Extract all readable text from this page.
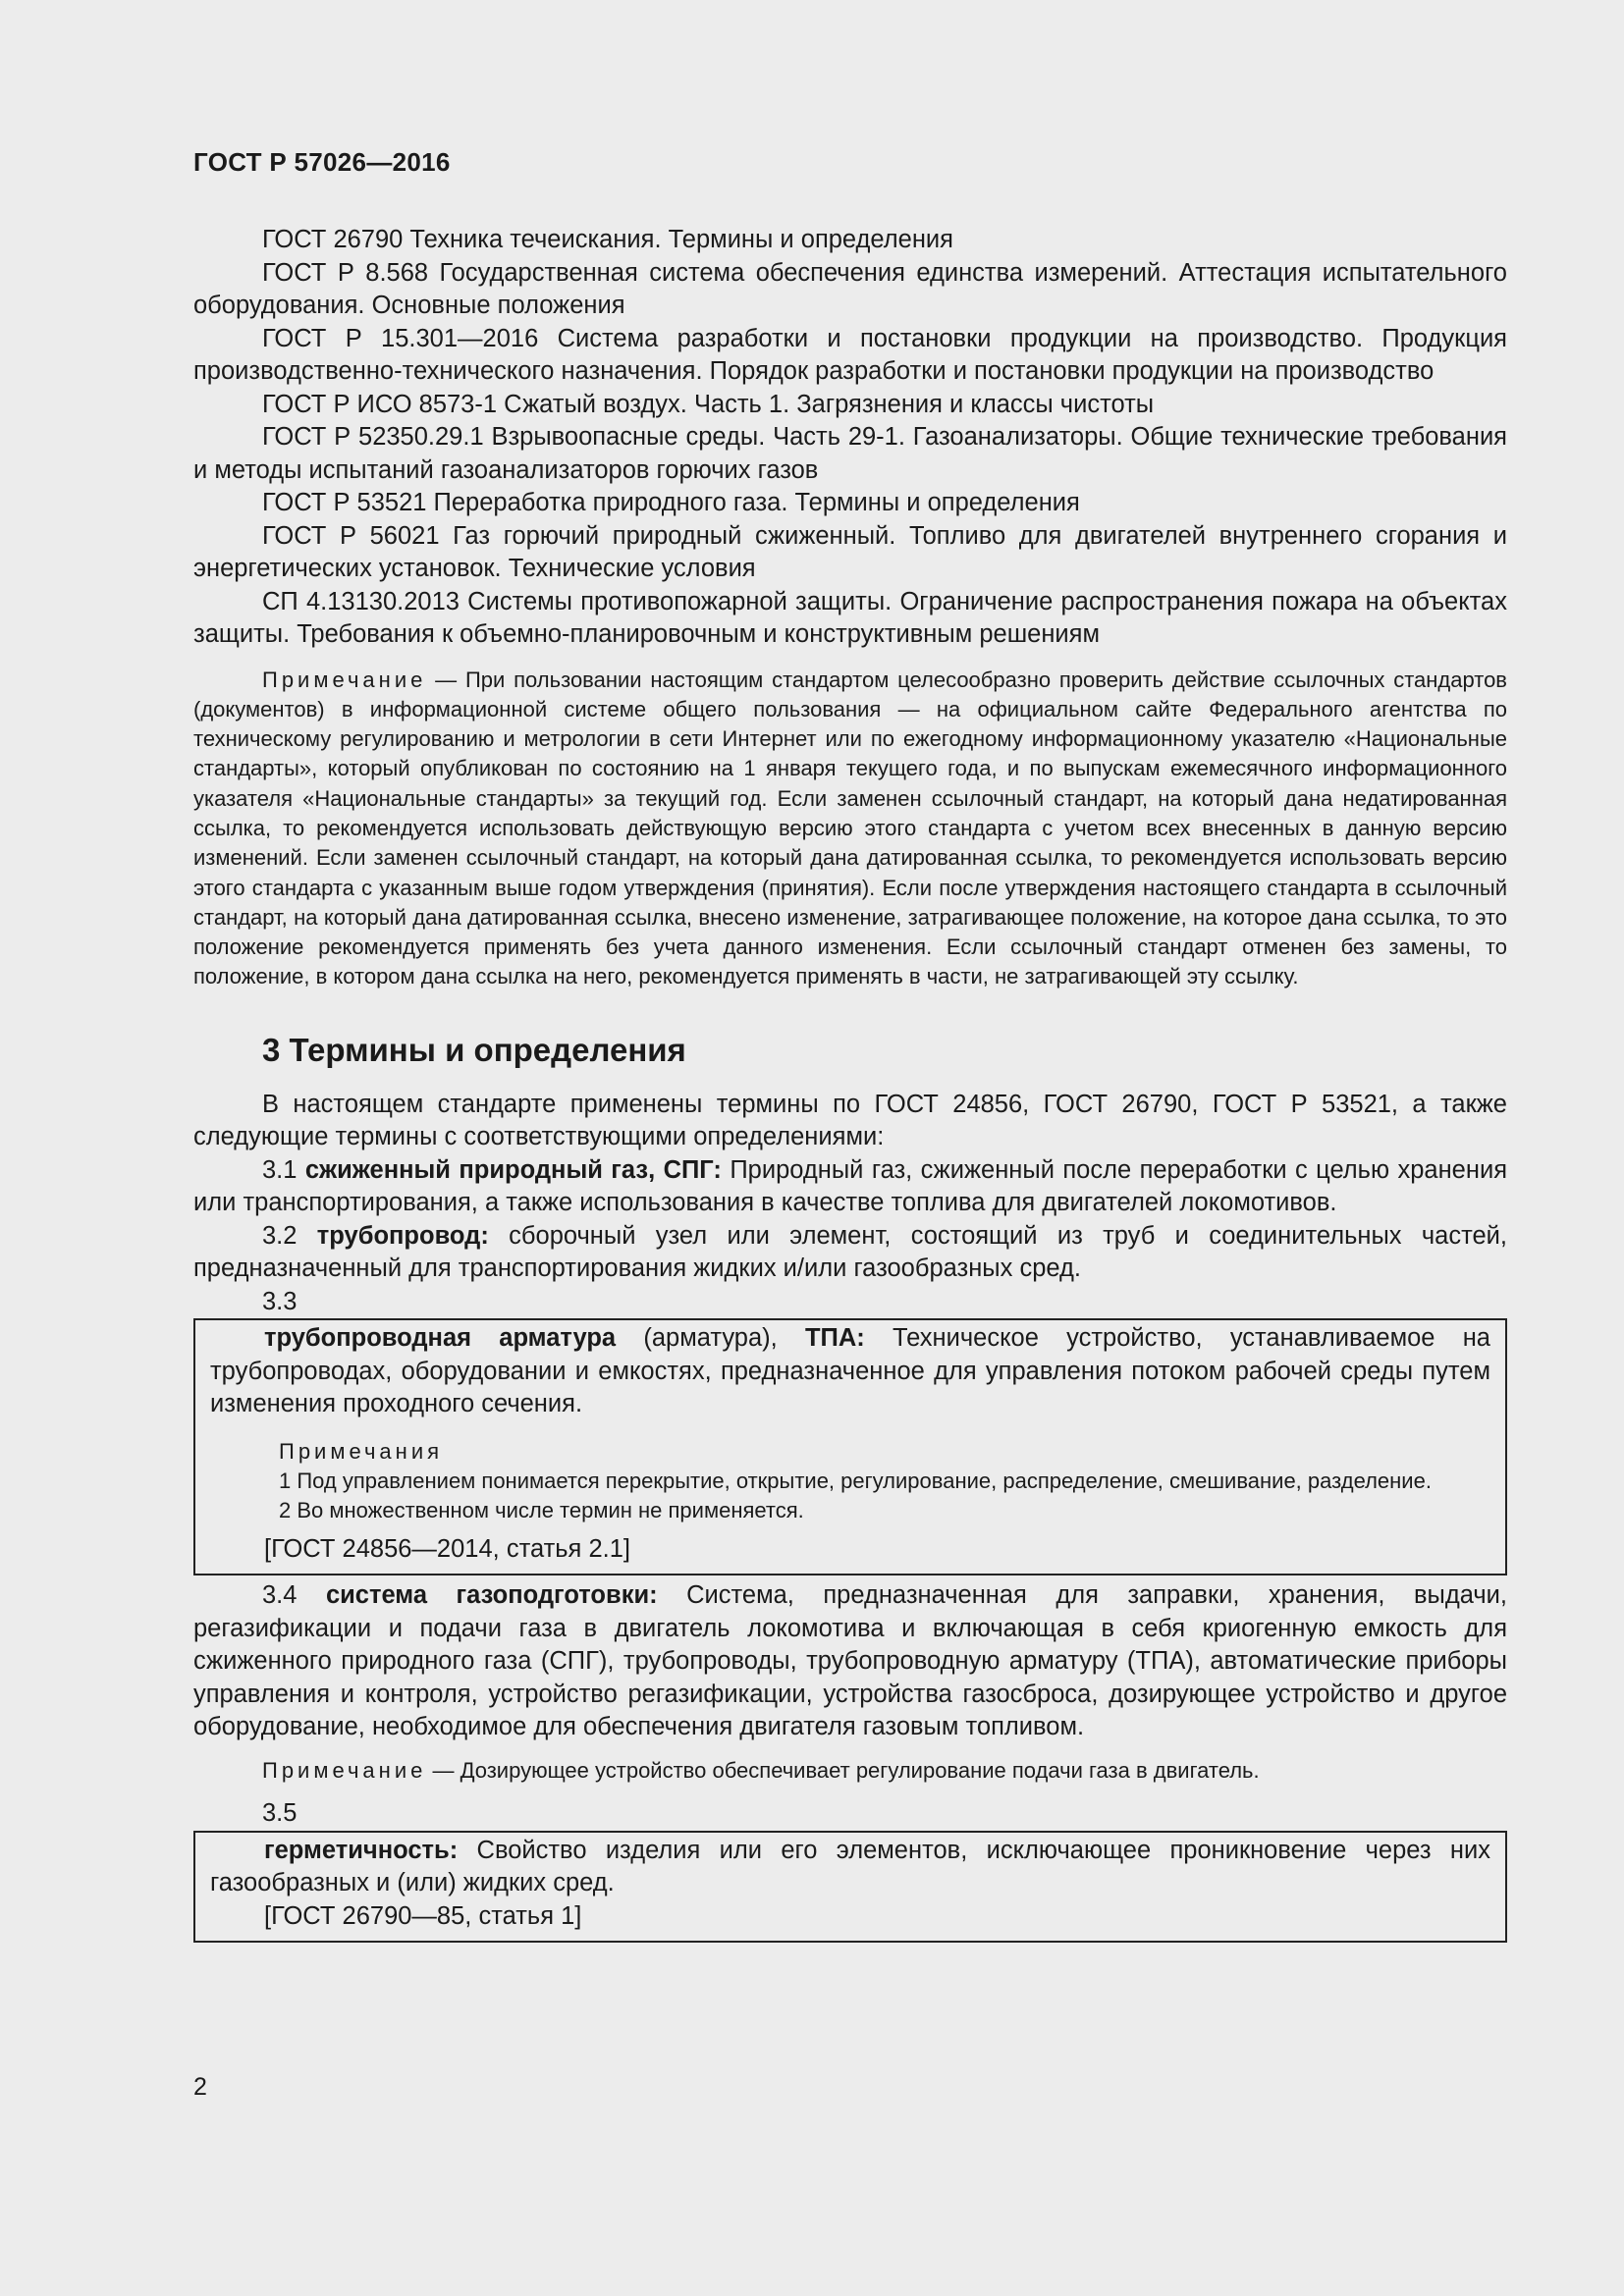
ГОСТ Р 57026—2016

ГОСТ 26790 Техника течеискания. Термины и определения

ГОСТ Р 8.568 Государственная система обеспечения единства измерений. Аттестация испытательного оборудования. Основные положения

ГОСТ Р 15.301—2016 Система разработки и постановки продукции на производство. Продукция производственно-технического назначения. Порядок разработки и постановки продукции на производство

ГОСТ Р ИСО 8573-1 Сжатый воздух. Часть 1. Загрязнения и классы чистоты

ГОСТ Р 52350.29.1 Взрывоопасные среды. Часть 29-1. Газоанализаторы. Общие технические требования и методы испытаний газоанализаторов горючих газов

ГОСТ Р 53521 Переработка природного газа. Термины и определения

ГОСТ Р 56021 Газ горючий природный сжиженный. Топливо для двигателей внутреннего сгорания и энергетических установок. Технические условия

СП 4.13130.2013 Системы противопожарной защиты. Ограничение распространения пожара на объектах защиты. Требования к объемно-планировочным и конструктивным решениям

Примечание — При пользовании настоящим стандартом целесообразно проверить действие ссылочных стандартов (документов) в информационной системе общего пользования — на официальном сайте Федерального агентства по техническому регулированию и метрологии в сети Интернет или по ежегодному информационному указателю «Национальные стандарты», который опубликован по состоянию на 1 января текущего года, и по выпускам ежемесячного информационного указателя «Национальные стандарты» за текущий год. Если заменен ссылочный стандарт, на который дана недатированная ссылка, то рекомендуется использовать действующую версию этого стандарта с учетом всех внесенных в данную версию изменений. Если заменен ссылочный стандарт, на который дана датированная ссылка, то рекомендуется использовать версию этого стандарта с указанным выше годом утверждения (принятия). Если после утверждения настоящего стандарта в ссылочный стандарт, на который дана датированная ссылка, внесено изменение, затрагивающее положение, на которое дана ссылка, то это положение рекомендуется применять без учета данного изменения. Если ссылочный стандарт отменен без замены, то положение, в котором дана ссылка на него, рекомендуется применять в части, не затрагивающей эту ссылку.

3 Термины и определения

В настоящем стандарте применены термины по ГОСТ 24856, ГОСТ 26790, ГОСТ Р 53521, а также следующие термины с соответствующими определениями:

3.1 сжиженный природный газ, СПГ: Природный газ, сжиженный после переработки с целью хранения или транспортирования, а также использования в качестве топлива для двигателей локомотивов.

3.2 трубопровод: сборочный узел или элемент, состоящий из труб и соединительных частей, предназначенный для транспортирования жидких и/или газообразных сред.

3.3

трубопроводная арматура (арматура), ТПА: Техническое устройство, устанавливаемое на трубопроводах, оборудовании и емкостях, предназначенное для управления потоком рабочей среды путем изменения проходного сечения.

Примечания
1 Под управлением понимается перекрытие, открытие, регулирование, распределение, смешивание, разделение.
2 Во множественном числе термин не применяется.
[ГОСТ 24856—2014, статья 2.1]

3.4 система газоподготовки: Система, предназначенная для заправки, хранения, выдачи, регазификации и подачи газа в двигатель локомотива и включающая в себя криогенную емкость для сжиженного природного газа (СПГ), трубопроводы, трубопроводную арматуру (ТПА), автоматические приборы управления и контроля, устройство регазификации, устройства газосброса, дозирующее устройство и другое оборудование, необходимое для обеспечения двигателя газовым топливом.

Примечание — Дозирующее устройство обеспечивает регулирование подачи газа в двигатель.

3.5

герметичность: Свойство изделия или его элементов, исключающее проникновение через них газообразных и (или) жидких сред.

[ГОСТ 26790—85, статья 1]
2
